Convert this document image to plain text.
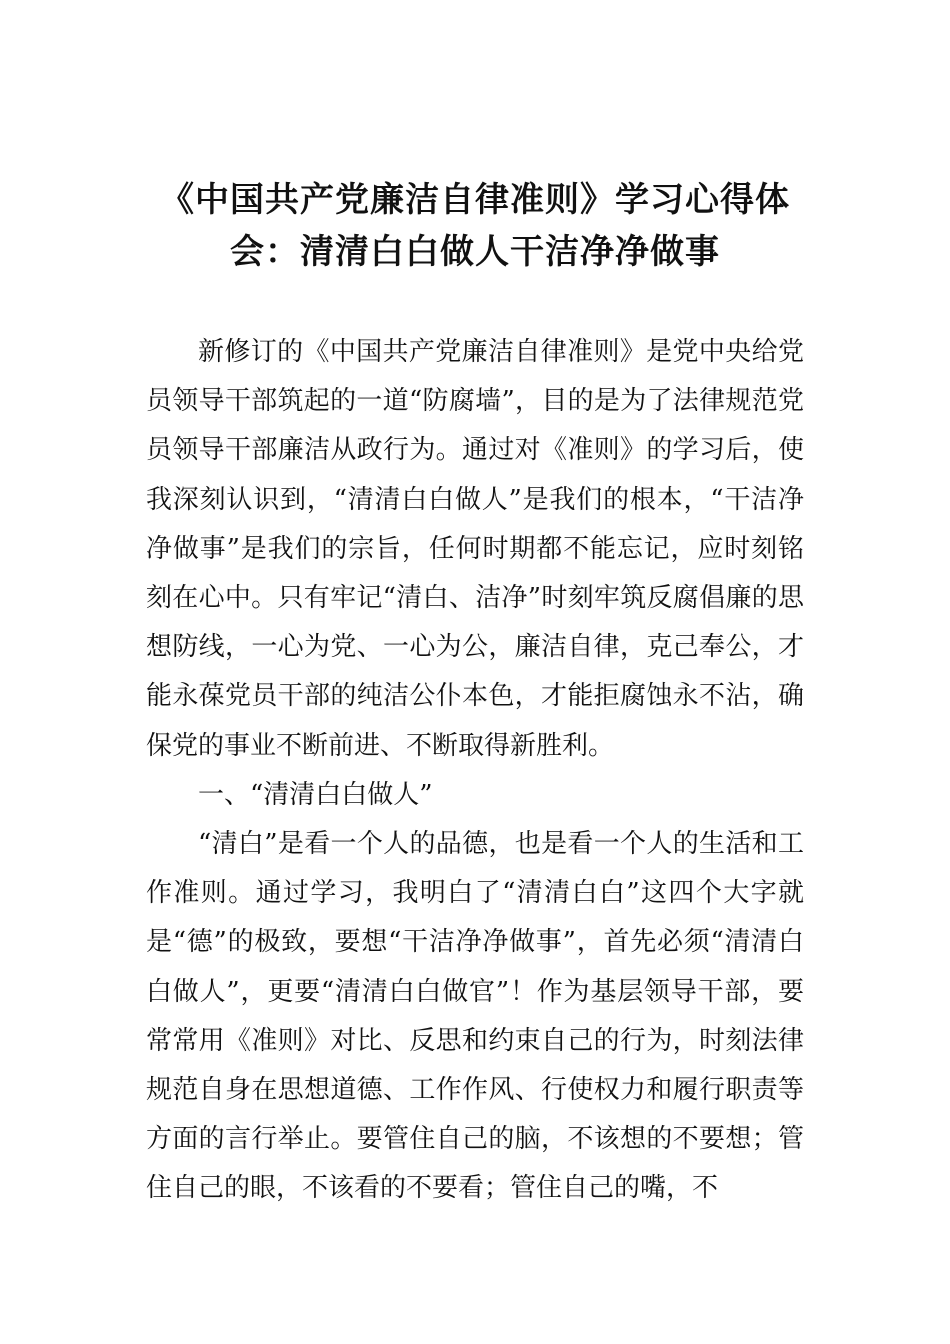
《中国共产党廉洁自律准则》学习心得体会：清清白白做人干洁净净做事

新修订的《中国共产党廉洁自律准则》是党中央给党员领导干部筑起的一道“防腐墙”，目的是为了法律规范党员领导干部廉洁从政行为。通过对《准则》的学习后，使我深刻认识到，“清清白白做人”是我们的根本，“干洁净净做事”是我们的宗旨，任何时期都不能忘记，应时刻铭刻在心中。只有牢记“清白、洁净”时刻牢筑反腐倡廉的思想防线，一心为党、一心为公，廉洁自律，克己奉公，才能永葆党员干部的纯洁公仆本色，才能拒腐蚀永不沾，确保党的事业不断前进、不断取得新胜利。

一、“清清白白做人”

“清白”是看一个人的品德，也是看一个人的生活和工作准则。通过学习，我明白了“清清白白”这四个大字就是“德”的极致，要想“干洁净净做事”，首先必须“清清白白做人”，更要“清清白白做官”！作为基层领导干部，要常常用《准则》对比、反思和约束自己的行为，时刻法律规范自身在思想道德、工作作风、行使权力和履行职责等方面的言行举止。要管住自己的脑，不该想的不要想；管住自己的眼，不该看的不要看；管住自己的嘴，不
